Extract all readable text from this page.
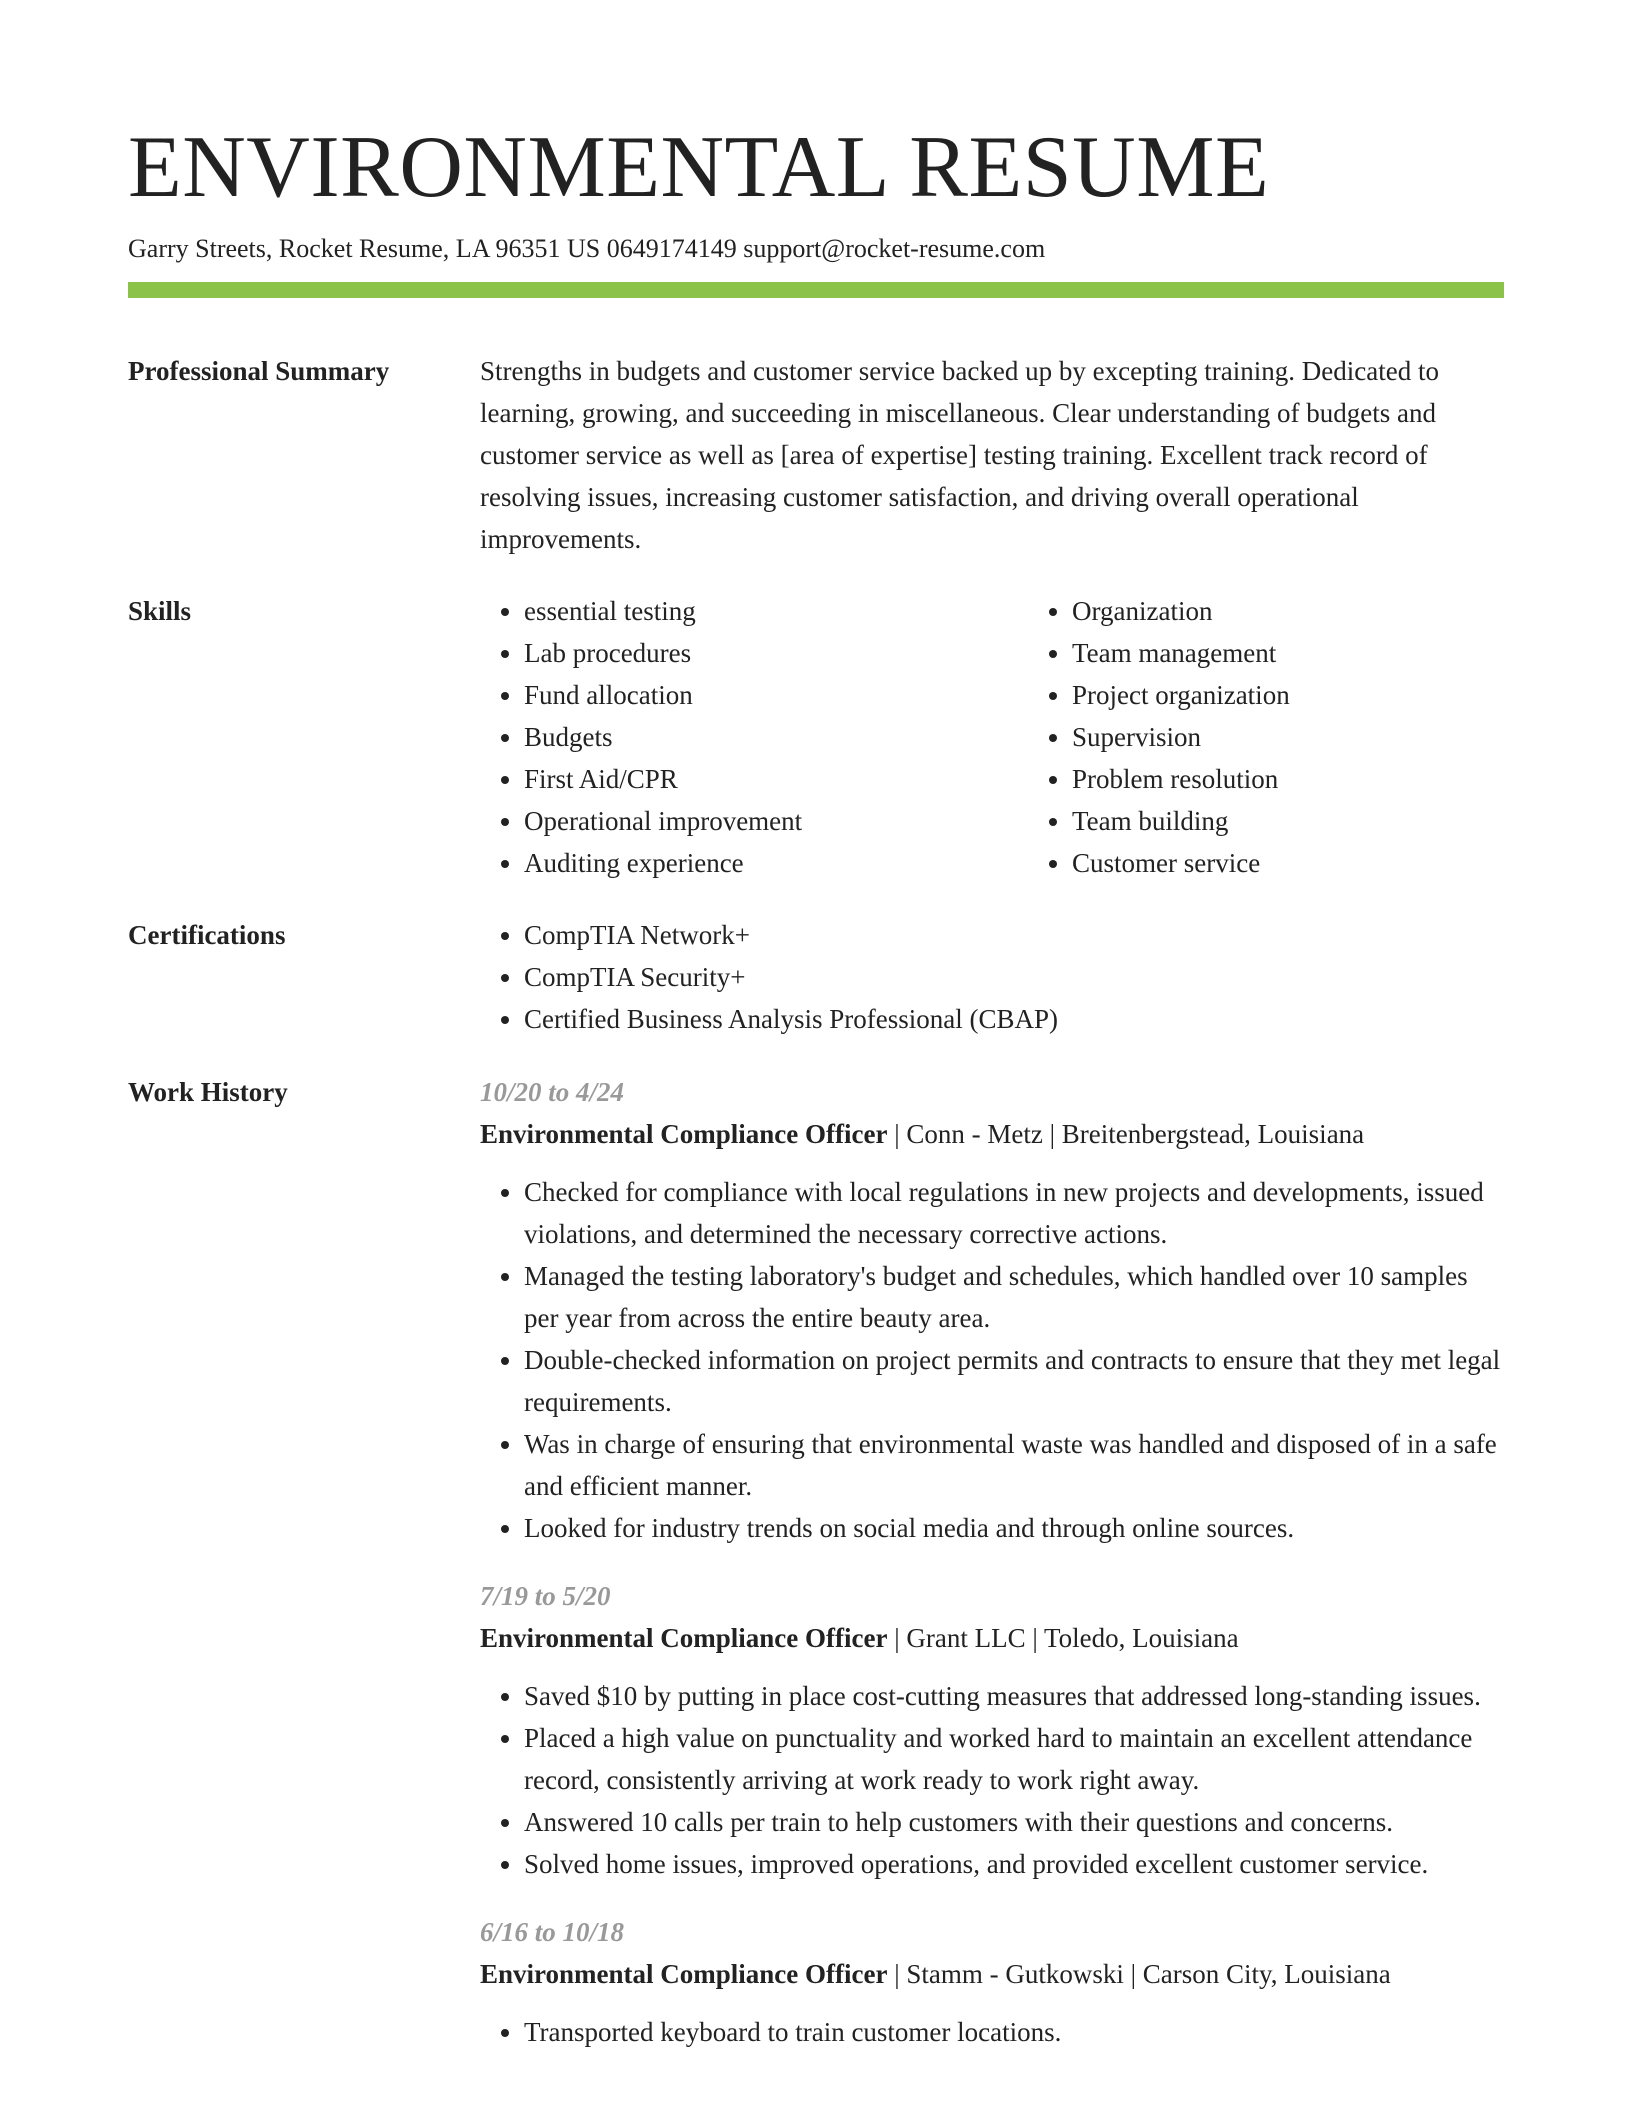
ENVIRONMENTAL RESUME
Garry Streets, Rocket Resume, LA 96351 US 0649174149 support@rocket-resume.com
Professional Summary	Strengths in budgets and customer service backed up by excepting training. Dedicated to learning, growing, and succeeding in miscellaneous. Clear understanding of budgets and customer service as well as [area of expertise] testing training. Excellent track record of resolving issues, increasing customer satisfaction, and driving overall operational improvements.

Skills	• essential testing
• Lab procedures
• Fund allocation
• Budgets
• First Aid/CPR
• Operational improvement
• Auditing experience
• Organization
• Team management
• Project organization
• Supervision
• Problem resolution
• Team building
• Customer service
Certifications	• CompTIA Network+
• CompTIA Security+
• Certified Business Analysis Professional (CBAP)
Work History	10/20 to 4/24
Environmental Compliance Officer | Conn - Metz | Breitenbergstead, Louisiana
• Checked for compliance with local regulations in new projects and developments, issued violations, and determined the necessary corrective actions.
• Managed the testing laboratory's budget and schedules, which handled over 10 samples per year from across the entire beauty area.
• Double-checked information on project permits and contracts to ensure that they met legal requirements.
• Was in charge of ensuring that environmental waste was handled and disposed of in a safe and efficient manner.
• Looked for industry trends on social media and through online sources.
7/19 to 5/20
Environmental Compliance Officer | Grant LLC | Toledo, Louisiana
• Saved $10 by putting in place cost-cutting measures that addressed long-standing issues.
• Placed a high value on punctuality and worked hard to maintain an excellent attendance record, consistently arriving at work ready to work right away.
• Answered 10 calls per train to help customers with their questions and concerns.
• Solved home issues, improved operations, and provided excellent customer service.
6/16 to 10/18
Environmental Compliance Officer | Stamm - Gutkowski | Carson City, Louisiana
• Transported keyboard to train customer locations.
